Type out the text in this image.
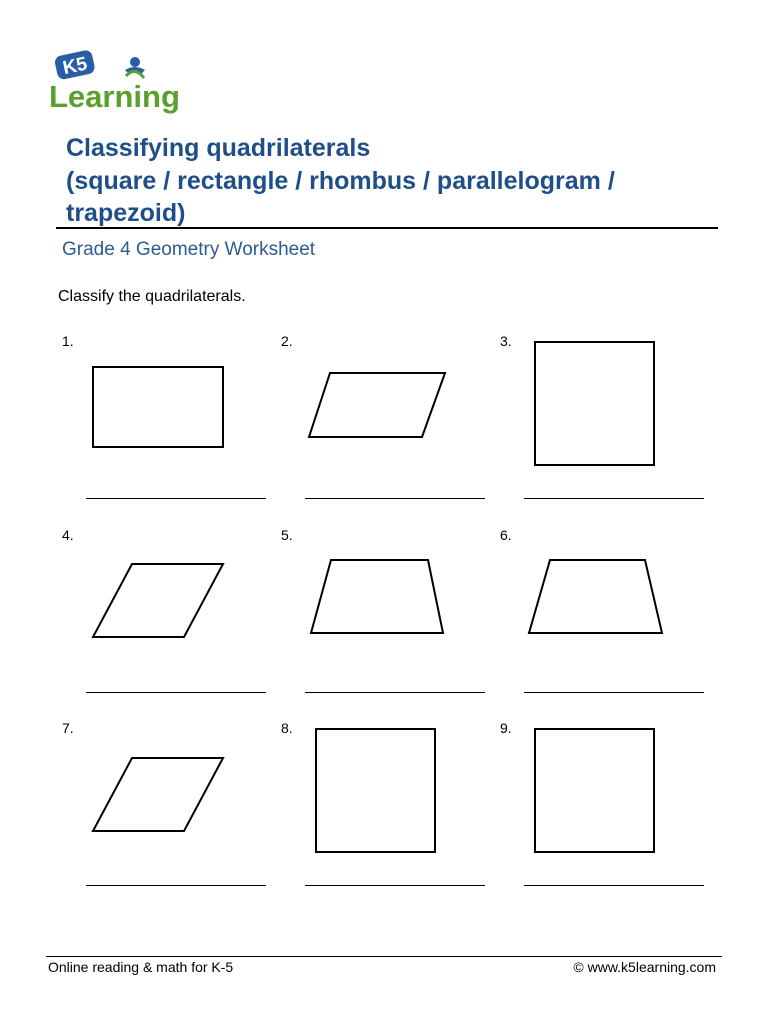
K5
Learning
Classifying quadrilaterals
(square / rectangle / rhombus / parallelogram /
trapezoid)
Grade 4 Geometry Worksheet
Classify the quadrilaterals.
1.	2.	3.
4.	5.	6.
7.	8.	9.
Online reading & math for K-5	© www.k5learning.com
